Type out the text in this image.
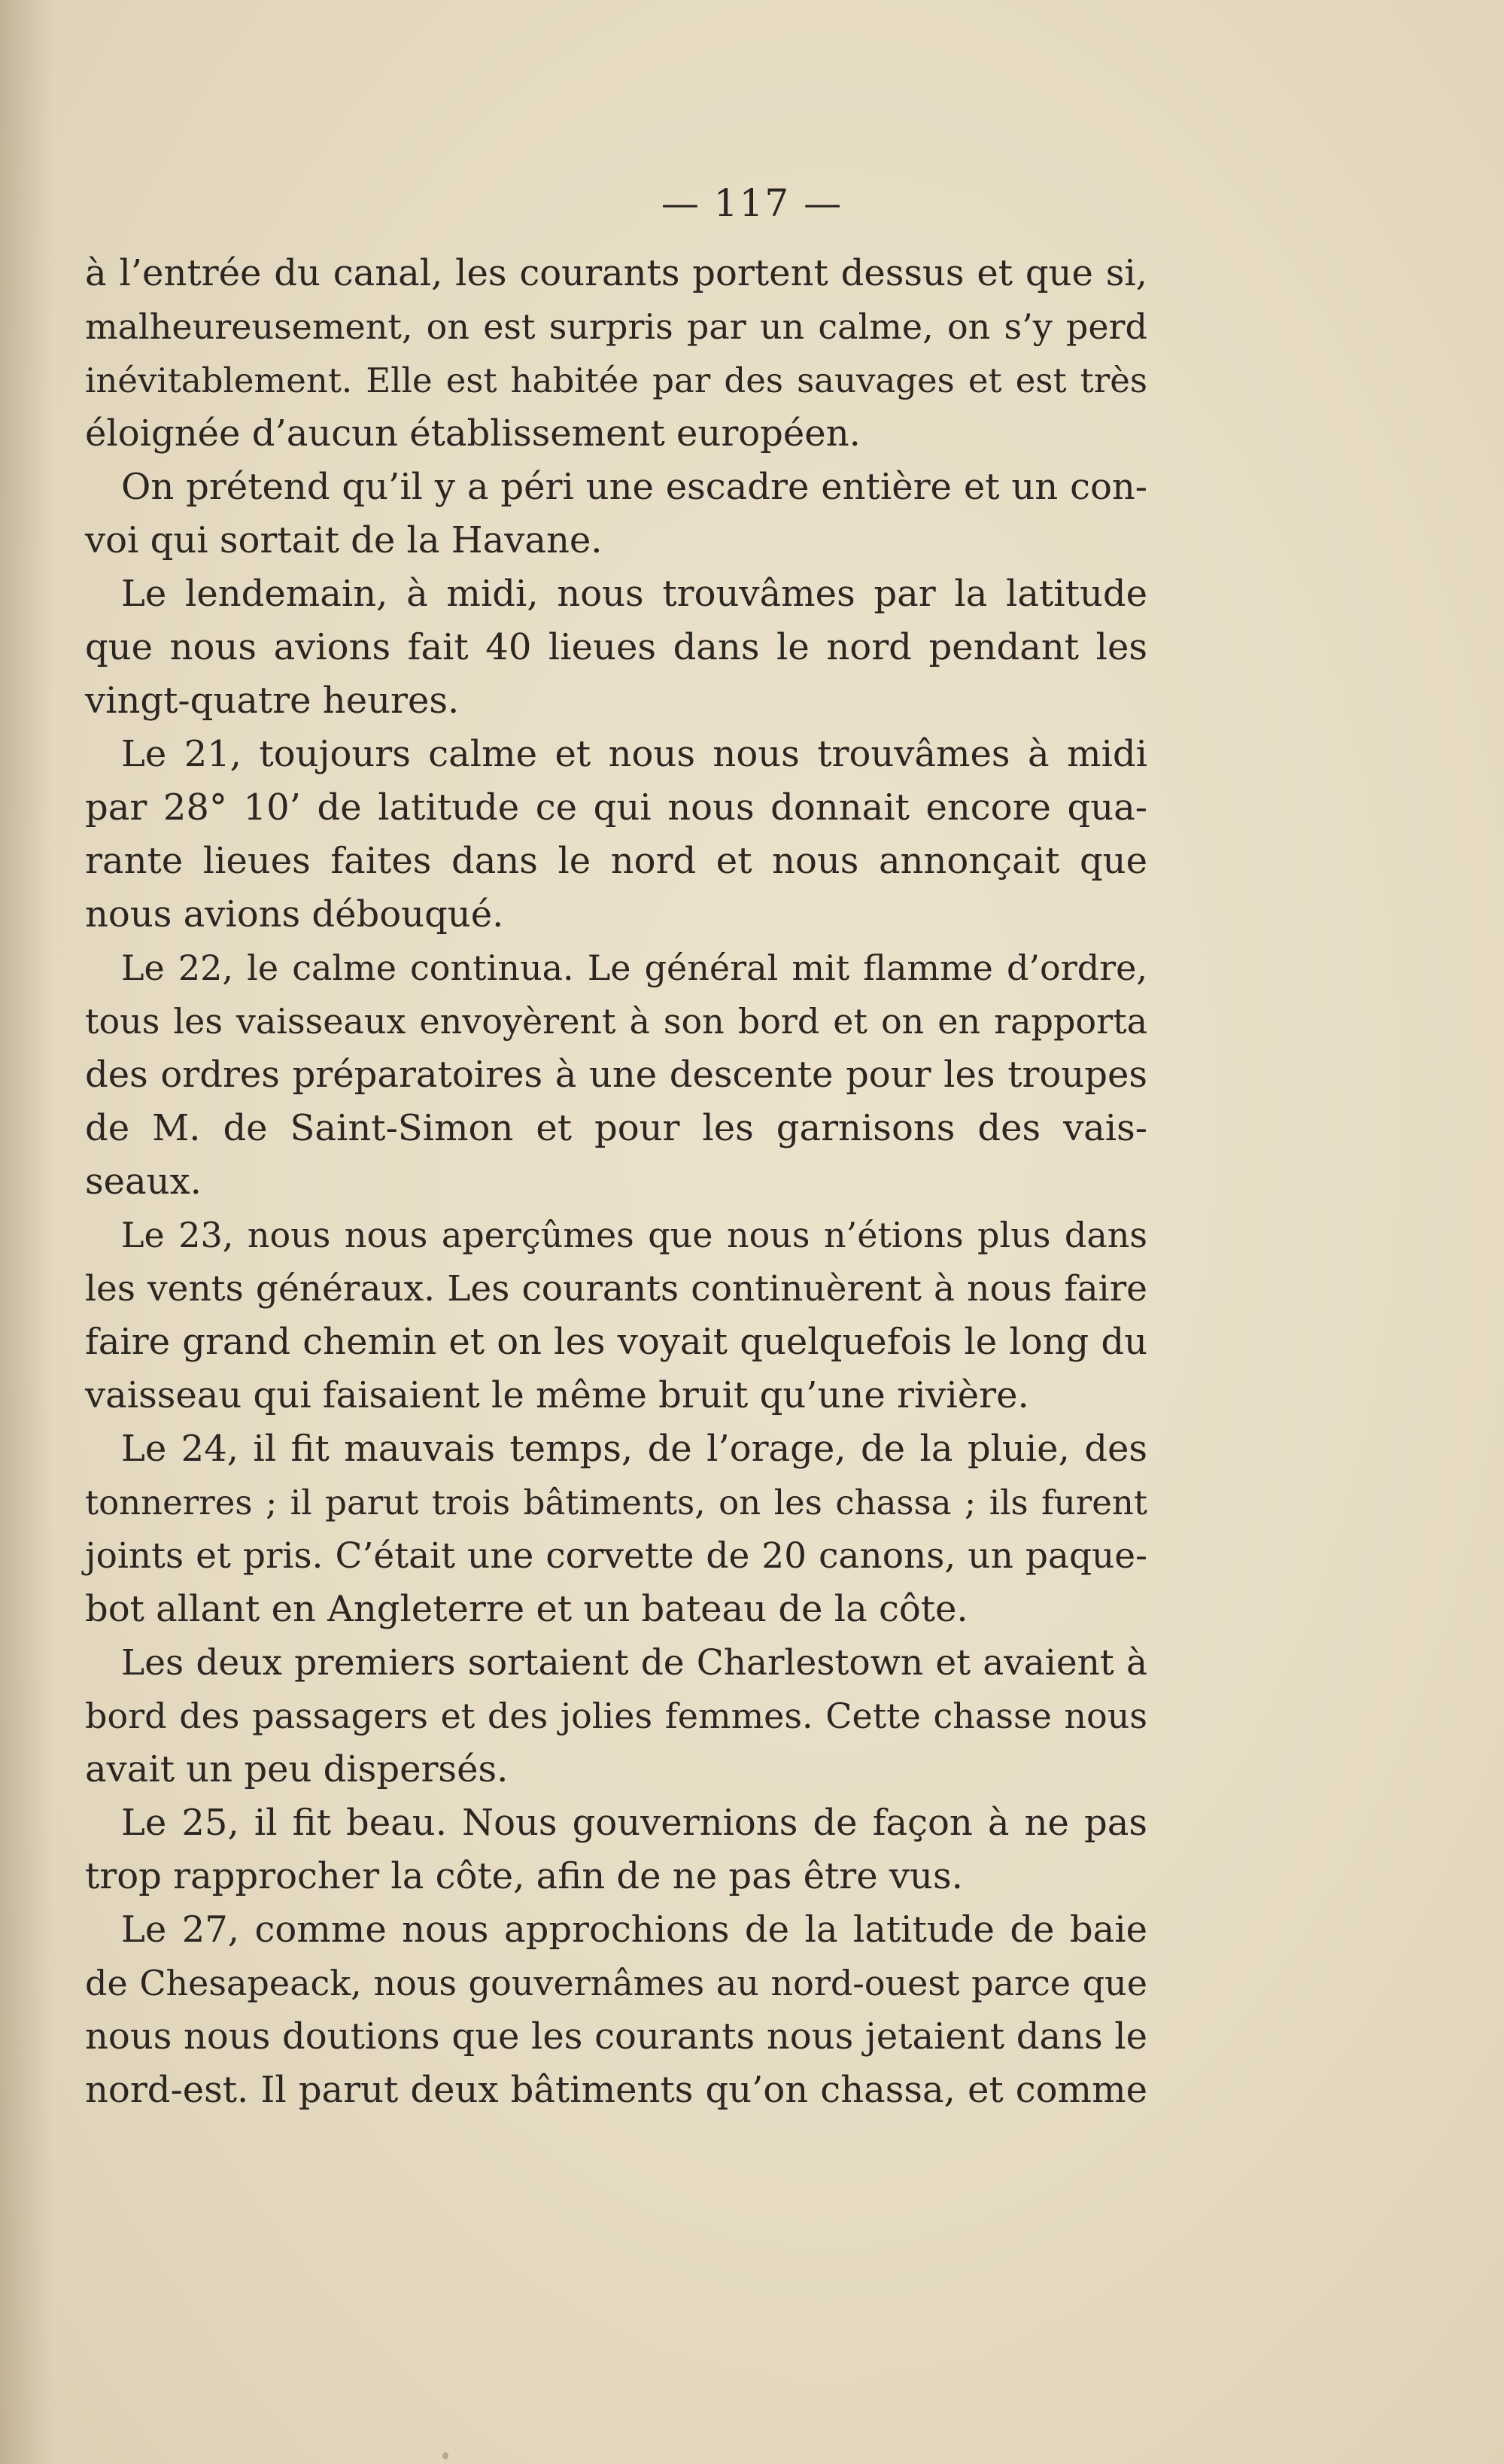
— 117 —
à l’entrée du canal, les courants portent dessus et que si,
malheureusement, on est surpris par un calme, on s’y perd
inévitablement. Elle est habitée par des sauvages et est très
éloignée d’aucun établissement européen.
On prétend qu’il y a péri une escadre entière et un con-
voi qui sortait de la Havane.
Le lendemain, à midi, nous trouvâmes par la latitude
que nous avions fait 40 lieues dans le nord pendant les
vingt-quatre heures.
Le 21, toujours calme et nous nous trouvâmes à midi
par 28° 10’ de latitude ce qui nous donnait encore qua-
rante lieues faites dans le nord et nous annonçait que
nous avions débouqué.
Le 22, le calme continua. Le général mit flamme d’ordre,
tous les vaisseaux envoyèrent à son bord et on en rapporta
des ordres préparatoires à une descente pour les troupes
de M. de Saint-Simon et pour les garnisons des vais-
seaux.
Le 23, nous nous aperçûmes que nous n’étions plus dans
les vents généraux. Les courants continuèrent à nous faire
faire grand chemin et on les voyait quelquefois le long du
vaisseau qui faisaient le même bruit qu’une rivière.
Le 24, il fit mauvais temps, de l’orage, de la pluie, des
tonnerres ; il parut trois bâtiments, on les chassa ; ils furent
joints et pris. C’était une corvette de 20 canons, un paque-
bot allant en Angleterre et un bateau de la côte.
Les deux premiers sortaient de Charlestown et avaient à
bord des passagers et des jolies femmes. Cette chasse nous
avait un peu dispersés.
Le 25, il fit beau. Nous gouvernions de façon à ne pas
trop rapprocher la côte, afin de ne pas être vus.
Le 27, comme nous approchions de la latitude de baie
de Chesapeack, nous gouvernâmes au nord-ouest parce que
nous nous doutions que les courants nous jetaient dans le
nord-est. Il parut deux bâtiments qu’on chassa, et comme
